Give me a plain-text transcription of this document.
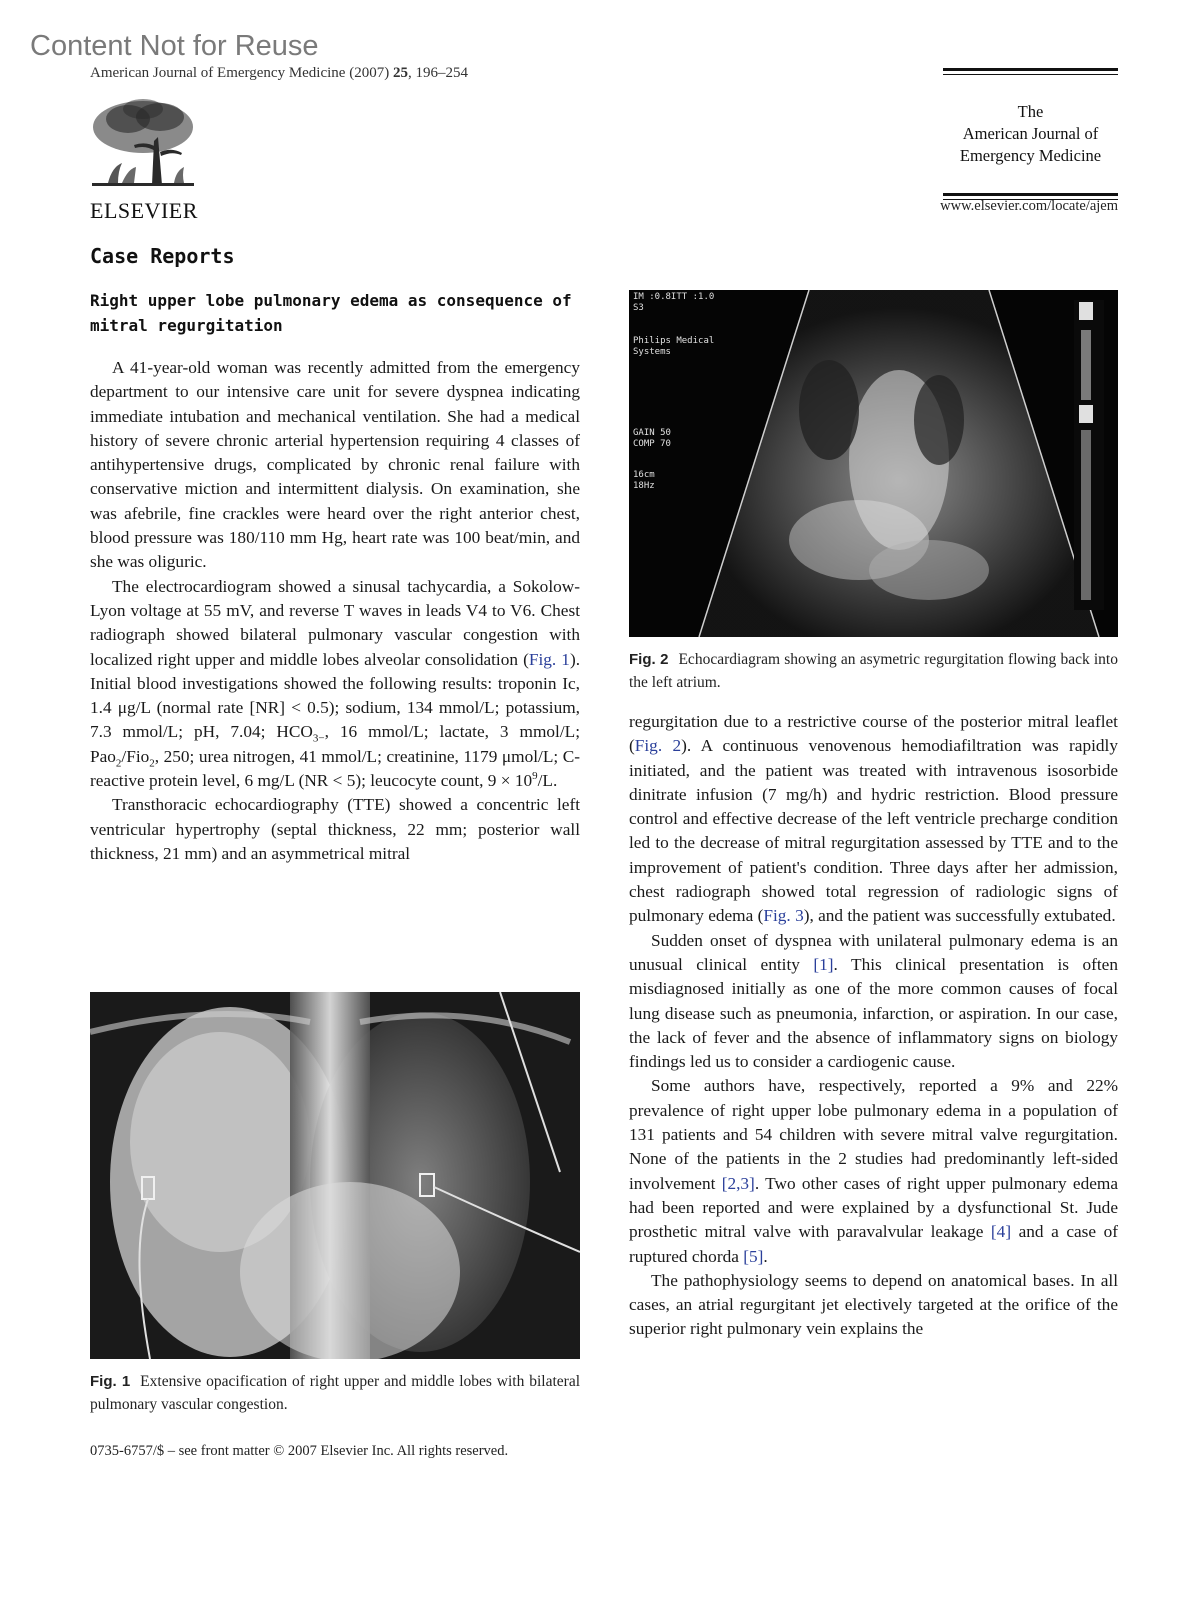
Content Not for Reuse
American Journal of Emergency Medicine (2007) 25, 196–254
ELSEVIER
The
American Journal of
Emergency Medicine
www.elsevier.com/locate/ajem
Case Reports
Right upper lobe pulmonary edema as consequence of mitral regurgitation

A 41-year-old woman was recently admitted from the emergency department to our intensive care unit for severe dyspnea indicating immediate intubation and mechanical ventilation. She had a medical history of severe chronic arterial hypertension requiring 4 classes of antihypertensive drugs, complicated by chronic renal failure with conservative miction and intermittent dialysis. On examination, she was afebrile, fine crackles were heard over the right anterior chest, blood pressure was 180/110 mm Hg, heart rate was 100 beat/min, and she was oliguric.

The electrocardiogram showed a sinusal tachycardia, a Sokolow-Lyon voltage at 55 mV, and reverse T waves in leads V4 to V6. Chest radiograph showed bilateral pulmonary vascular congestion with localized right upper and middle lobes alveolar consolidation (Fig. 1). Initial blood investigations showed the following results: troponin Ic, 1.4 μg/L (normal rate [NR] < 0.5); sodium, 134 mmol/L; potassium, 7.3 mmol/L; pH, 7.04; $HCO_{3-}$, 16 mmol/L; lactate, 3 mmol/L; Pao$_2$/Fio$_2$, 250; urea nitrogen, 41 mmol/L; creatinine, 1179 μmol/L; C-reactive protein level, 6 mg/L (NR < 5); leucocyte count, $9 \times 10^9/L$.

Transthoracic echocardiography (TTE) showed a concentric left ventricular hypertrophy (septal thickness, 22 mm; posterior wall thickness, 21 mm) and an asymmetrical mitral

IM :0.8ITT :1.0
S3
Philips Medical
Systems
GAIN 50
COMP 70
16cm
18Hz
Fig. 2 Echocardiagram showing an asymetric regurgitation flowing back into the left atrium.

regurgitation due to a restrictive course of the posterior mitral leaflet (Fig. 2). A continuous venovenous hemodiafiltration was rapidly initiated, and the patient was treated with intravenous isosorbide dinitrate infusion (7 mg/h) and hydric restriction. Blood pressure control and effective decrease of the left ventricle precharge condition led to the decrease of mitral regurgitation assessed by TTE and to the improvement of patient's condition. Three days after her admission, chest radiograph showed total regression of radiologic signs of pulmonary edema (Fig. 3), and the patient was successfully extubated.

Sudden onset of dyspnea with unilateral pulmonary edema is an unusual clinical entity [1]. This clinical presentation is often misdiagnosed initially as one of the more common causes of focal lung disease such as pneumonia, infarction, or aspiration. In our case, the lack of fever and the absence of inflammatory signs on biology findings led us to consider a cardiogenic cause.

Some authors have, respectively, reported a 9% and 22% prevalence of right upper lobe pulmonary edema in a population of 131 patients and 54 children with severe mitral valve regurgitation. None of the patients in the 2 studies had predominantly left-sided involvement [2,3]. Two other cases of right upper pulmonary edema had been reported and were explained by a dysfunctional St. Jude prosthetic mitral valve with paravalvular leakage [4] and a case of ruptured chorda [5].

The pathophysiology seems to depend on anatomical bases. In all cases, an atrial regurgitant jet electively targeted at the orifice of the superior right pulmonary vein explains the

Fig. 1 Extensive opacification of right upper and middle lobes with bilateral pulmonary vascular congestion.
0735-6757/$ – see front matter © 2007 Elsevier Inc. All rights reserved.
